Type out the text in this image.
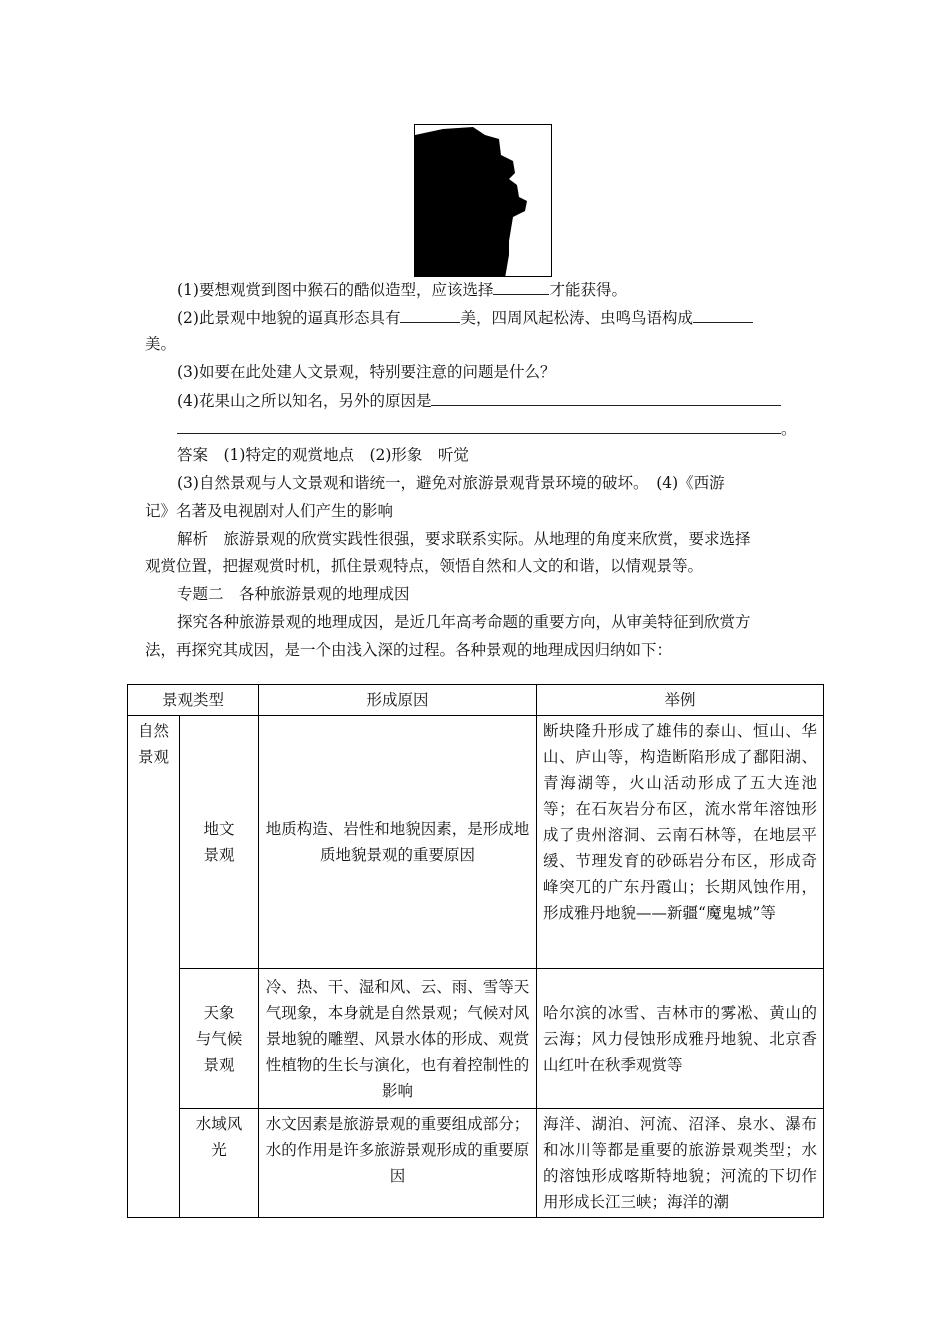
(1)要想观赏到图中猴石的酷似造型，应该选择	才能获得。
(2)此景观中地貌的逼真形态具有	美，四周风起松涛、虫鸣鸟语构成
美。
(3)如要在此处建人文景观，特别要注意的问题是什么？
(4)花果山之所以知名，另外的原因是
。
答案　(1)特定的观赏地点　(2)形象　听觉
(3)自然景观与人文景观和谐统一，避免对旅游景观背景环境的破坏。　(4)《西游
记》名著及电视剧对人们产生的影响
解析　旅游景观的欣赏实践性很强，要求联系实际。从地理的角度来欣赏，要求选择
观赏位置，把握观赏时机，抓住景观特点，领悟自然和人文的和谐，以情观景等。
专题二　各种旅游景观的地理成因
探究各种旅游景观的地理成因，是近几年高考命题的重要方向，从审美特征到欣赏方
法，再探究其成因，是一个由浅入深的过程。各种景观的地理成因归纳如下：
景观类型		形成原因	举例

自然
景观	地文
景观	地质构造、岩性和地貌因素，是形成地质地貌景观的重要原因	断块隆升形成了雄伟的泰山、恒山、华山、庐山等，构造断陷形成了鄱阳湖、青海湖等，火山活动形成了五大连池等；在石灰岩分布区，流水常年溶蚀形成了贵州溶洞、云南石林等，在地层平缓、节理发育的砂砾岩分布区，形成奇峰突兀的广东丹霞山；长期风蚀作用，形成雅丹地貌——新疆“魔鬼城”等

	天象
与气候
景观	冷、热、干、湿和风、云、雨、雪等天气现象，本身就是自然景观；气候对风景地貌的雕塑、风景水体的形成、观赏性植物的生长与演化，也有着控制性的影响	哈尔滨的冰雪、吉林市的雾凇、黄山的云海；风力侵蚀形成雅丹地貌、北京香山红叶在秋季观赏等

	水域风
光	水文因素是旅游景观的重要组成部分；水的作用是许多旅游景观形成的重要原因	海洋、湖泊、河流、沼泽、泉水、瀑布和冰川等都是重要的旅游景观类型；水的溶蚀形成喀斯特地貌；河流的下切作用形成长江三峡；海洋的潮
